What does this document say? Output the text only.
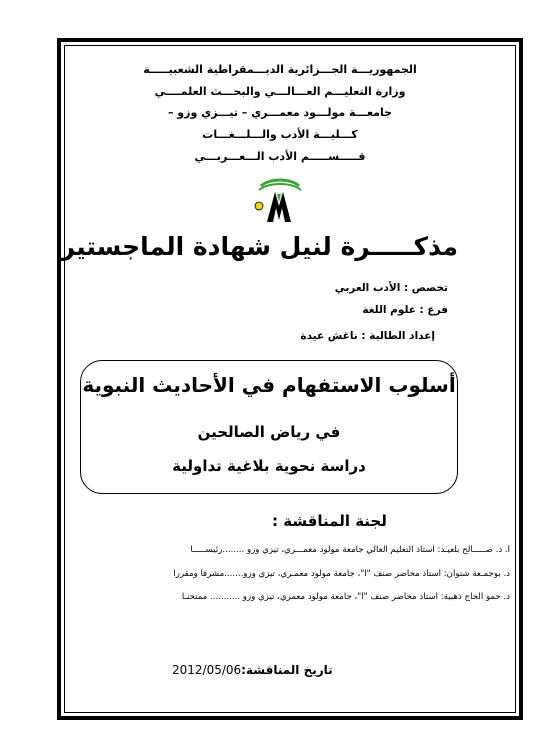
الجمهوريـــة الجـــزائرية الديـــمقراطية الشعبيـــــة
وزارة التعليـــم العـــالـــي والبحـــث العلمــــي
جامعـــة مولـــود معمـــري – تيـــزي وزو –
كـــليـــة الأدب والـــلـــغـــات
قـــــســـــم الأدب الـــعـــربـــي
مذكـــــرة لنيل شهادة الماجستير
تخصص : الأدب العربي
فرع : علوم اللغة
إعداد الطالبة : ناغش عيدة
أسلوب الاستفهام في الأحاديث النبوية
في رياض الصالحين
دراسة نحوية بلاغية تداولية
لجنة المناقشة :
أ. د. صـــــالح بلعيـد: أستاذ التعليم العالي جامعة مولود معمـــري، تيزي وزو ........رئيســـــا
د. بوجمـعة شتوان: أستاذ محاضر صنف "أ"، جامعة مولود معمـري، تيزي وزو.......مشرفا ومقررا
د. حمو الحاج ذهبية: أستاذ محاضر صنف "أ"، جامعة مولود معمري، تيزي وزو ........... ممتحنـا
تاريخ المناقشة:2012/05/06
